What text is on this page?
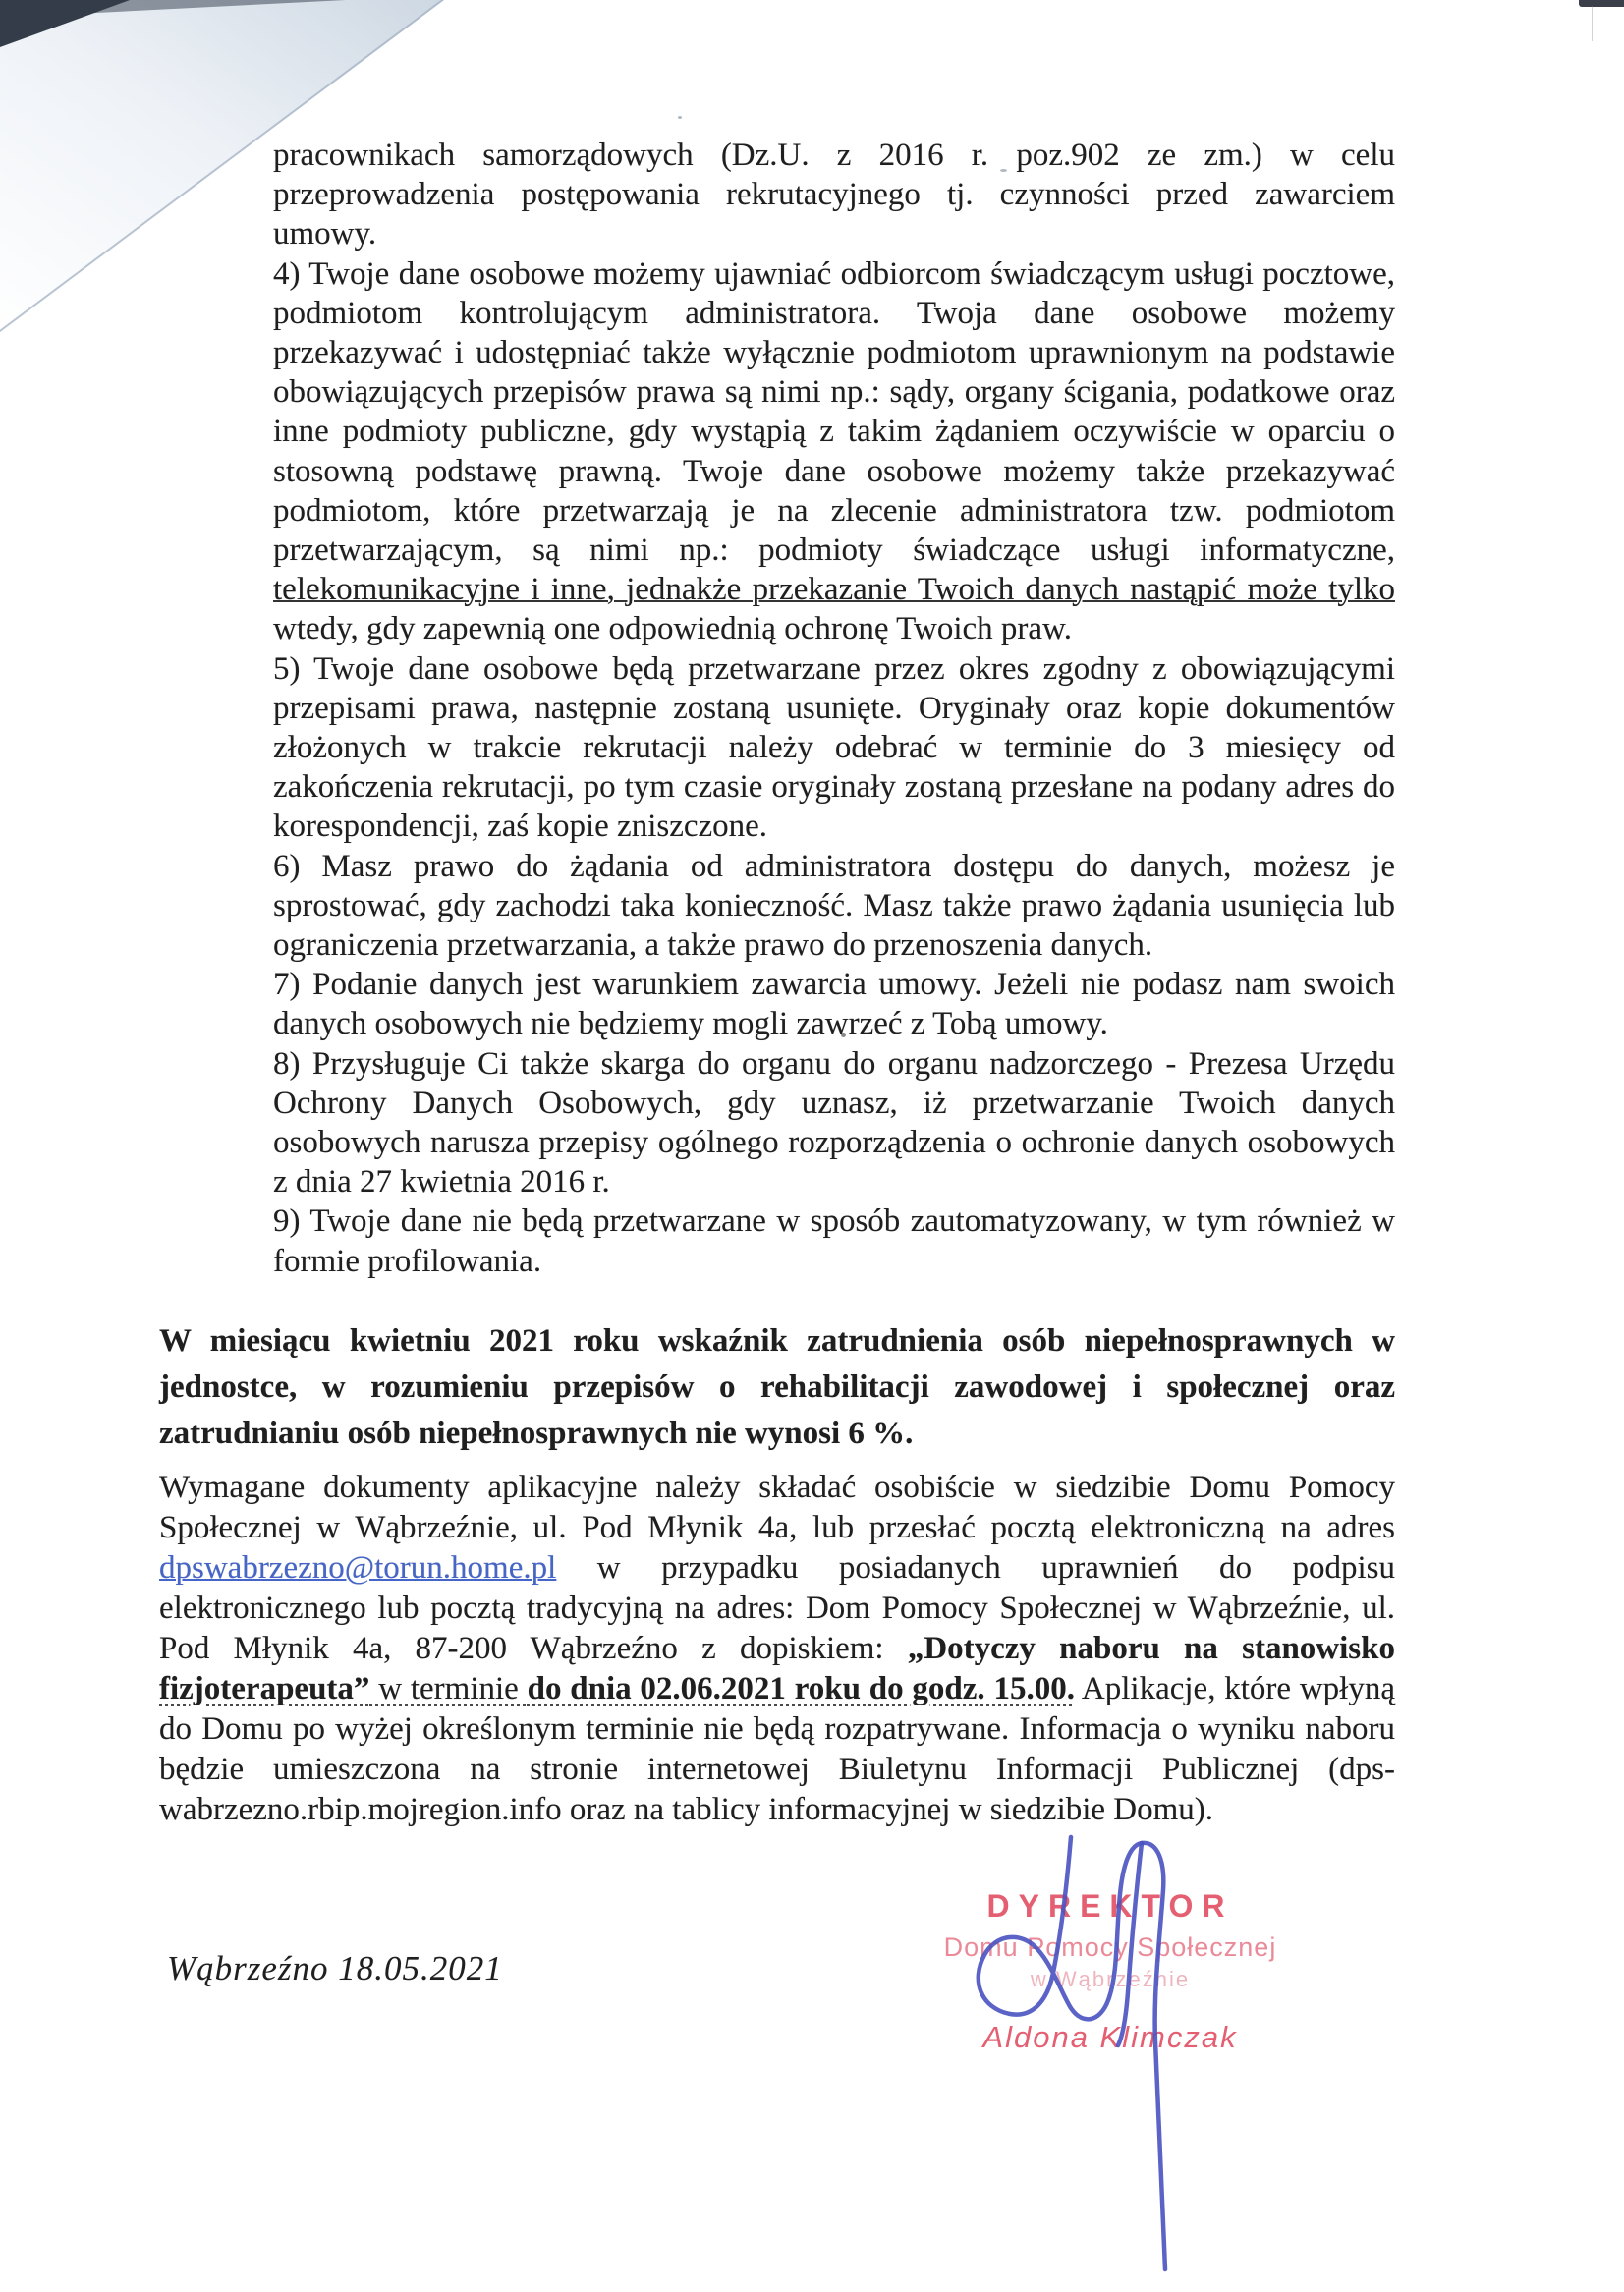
pracownikach samorządowych (Dz.U. z 2016 r. poz.902 ze zm.) w celu przeprowadzenia postępowania rekrutacyjnego tj. czynności przed zawarciem umowy.

4) Twoje dane osobowe możemy ujawniać odbiorcom świadczącym usługi pocztowe, podmiotom kontrolującym administratora. Twoja dane osobowe możemy przekazywać i udostępniać także wyłącznie podmiotom uprawnionym na podstawie obowiązujących przepisów prawa są nimi np.: sądy, organy ścigania, podatkowe oraz inne podmioty publiczne, gdy wystąpią z takim żądaniem oczywiście w oparciu o stosowną podstawę prawną. Twoje dane osobowe możemy także przekazywać podmiotom, które przetwarzają je na zlecenie administratora tzw. podmiotom przetwarzającym, są nimi np.: podmioty świadczące usługi informatyczne, telekomunikacyjne i inne, jednakże przekazanie Twoich danych nastąpić może tylko wtedy, gdy zapewnią one odpowiednią ochronę Twoich praw.

5) Twoje dane osobowe będą przetwarzane przez okres zgodny z obowiązującymi przepisami prawa, następnie zostaną usunięte. Oryginały oraz kopie dokumentów złożonych w trakcie rekrutacji należy odebrać w terminie do 3 miesięcy od zakończenia rekrutacji, po tym czasie oryginały zostaną przesłane na podany adres do korespondencji, zaś kopie zniszczone.

6) Masz prawo do żądania od administratora dostępu do danych, możesz je sprostować, gdy zachodzi taka konieczność. Masz także prawo żądania usunięcia lub ograniczenia przetwarzania, a także prawo do przenoszenia danych.

7) Podanie danych jest warunkiem zawarcia umowy. Jeżeli nie podasz nam swoich danych osobowych nie będziemy mogli zawrzeć z Tobą umowy.

8) Przysługuje Ci także skarga do organu do organu nadzorczego - Prezesa Urzędu Ochrony Danych Osobowych, gdy uznasz, iż przetwarzanie Twoich danych osobowych narusza przepisy ogólnego rozporządzenia o ochronie danych osobowych z dnia 27 kwietnia 2016 r.

9) Twoje dane nie będą przetwarzane w sposób zautomatyzowany, w tym również w formie profilowania.

W miesiącu kwietniu 2021 roku wskaźnik zatrudnienia osób niepełnosprawnych w jednostce, w rozumieniu przepisów o rehabilitacji zawodowej i społecznej oraz zatrudnianiu osób niepełnosprawnych nie wynosi 6 %.

Wymagane dokumenty aplikacyjne należy składać osobiście w siedzibie Domu Pomocy Społecznej w Wąbrzeźnie, ul. Pod Młynik 4a, lub przesłać pocztą elektroniczną na adres dpswabrzezno@torun.home.pl w przypadku posiadanych uprawnień do podpisu elektronicznego lub pocztą tradycyjną na adres: Dom Pomocy Społecznej w Wąbrzeźnie, ul. Pod Młynik 4a, 87-200 Wąbrzeźno z dopiskiem: „Dotyczy naboru na stanowisko fizjoterapeuta” w terminie do dnia 02.06.2021 roku do godz. 15.00. Aplikacje, które wpłyną do Domu po wyżej określonym terminie nie będą rozpatrywane. Informacja o wyniku naboru będzie umieszczona na stronie internetowej Biuletynu Informacji Publicznej (dps-wabrzezno.rbip.mojregion.info oraz na tablicy informacyjnej w siedzibie Domu).

Wąbrzeźno 18.05.2021

DYREKTOR
Domu Pomocy Społecznej
w Wąbrzeźnie
Aldona Klimczak
